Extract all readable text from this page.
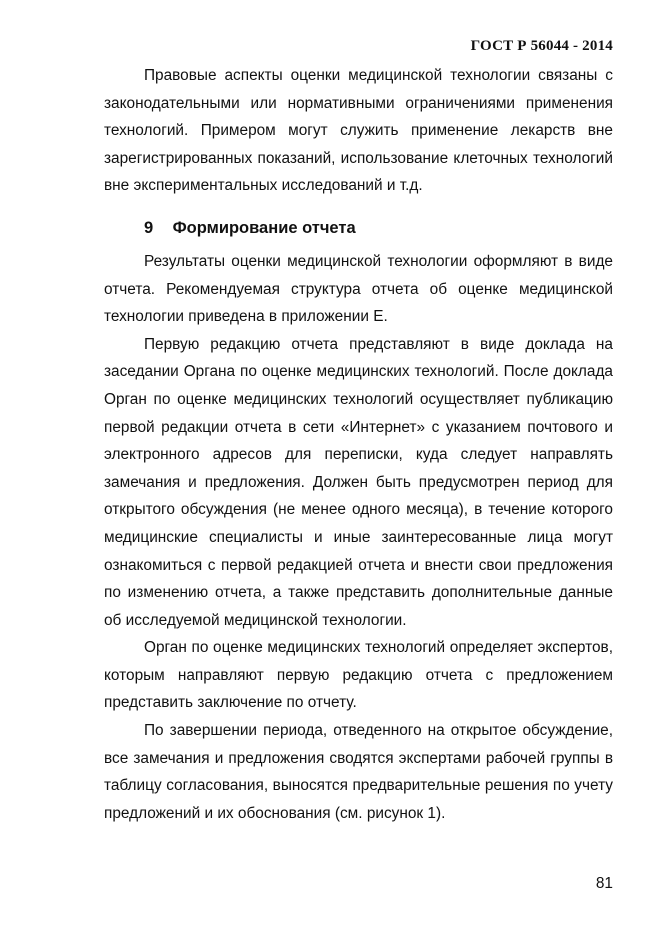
ГОСТ Р 56044 - 2014

Правовые аспекты оценки медицинской технологии связаны с законодательными или нормативными ограничениями применения технологий. Примером могут служить применение лекарств вне зарегистрированных показаний, использование клеточных технологий вне экспериментальных исследований и т.д.

9 Формирование отчета

Результаты оценки медицинской технологии оформляют в виде отчета. Рекомендуемая структура отчета об оценке медицинской технологии приведена в приложении Е.

Первую редакцию отчета представляют в виде доклада на заседании Органа по оценке медицинских технологий. После доклада Орган по оценке медицинских технологий осуществляет публикацию первой редакции отчета в сети «Интернет» с указанием почтового и электронного адресов для переписки, куда следует направлять замечания и предложения. Должен быть предусмотрен период для открытого обсуждения (не менее одного месяца), в течение которого медицинские специалисты и иные заинтересованные лица могут ознакомиться с первой редакцией отчета и внести свои предложения по изменению отчета, а также представить дополнительные данные об исследуемой медицинской технологии.

Орган по оценке медицинских технологий определяет экспертов, которым направляют первую редакцию отчета с предложением представить заключение по отчету.

По завершении периода, отведенного на открытое обсуждение, все замечания и предложения сводятся экспертами рабочей группы в таблицу согласования, выносятся предварительные решения по учету предложений и их обоснования (см. рисунок 1).

81
